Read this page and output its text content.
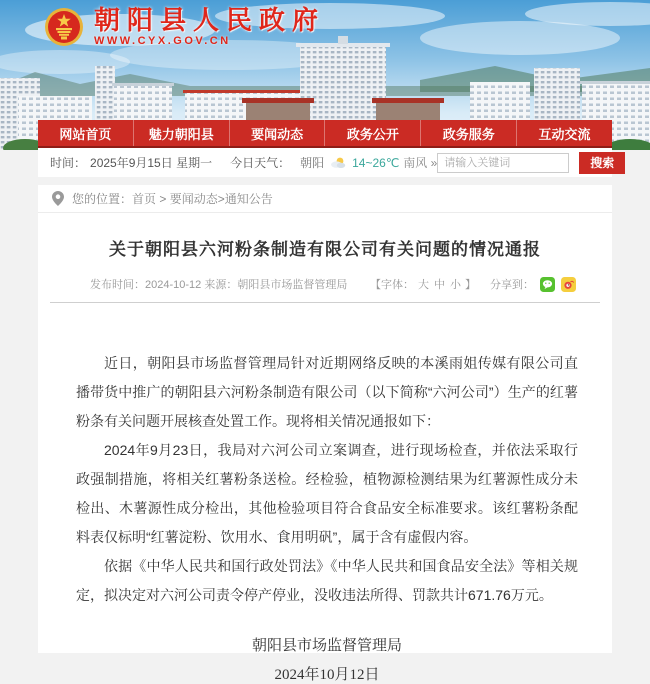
朝阳县人民政府
WWW.CYX.GOV.CN
网站首页	魅力朝阳县	要闻动态	政务公开	政务服务	互动交流
时间： 2025年9月15日 星期一 今日天气： 朝阳 14~26℃ 南风 »
请输入关键词	搜索
您的位置： 首页 > 要闻动态>通知公告
关于朝阳县六河粉条制造有限公司有关问题的情况通报
发布时间：2024-10-12 来源：朝阳县市场监督管理局 【字体： 大 中 小 】 分享到：

近日，朝阳县市场监督管理局针对近期网络反映的本溪雨姐传媒有限公司直播带货中推广的朝阳县六河粉条制造有限公司（以下简称“六河公司”）生产的红薯粉条有关问题开展核查处置工作。现将相关情况通报如下：

2024年9月23日，我局对六河公司立案调查，进行现场检查，并依法采取行政强制措施，将相关红薯粉条送检。经检验，植物源检测结果为红薯源性成分未检出、木薯源性成分检出，其他检验项目符合食品安全标准要求。该红薯粉条配料表仅标明“红薯淀粉、饮用水、食用明矾”，属于含有虚假内容。

依据《中华人民共和国行政处罚法》《中华人民共和国食品安全法》等相关规定，拟决定对六河公司责令停产停业，没收违法所得、罚款共计671.76万元。

朝阳县市场监督管理局
2024年10月12日
